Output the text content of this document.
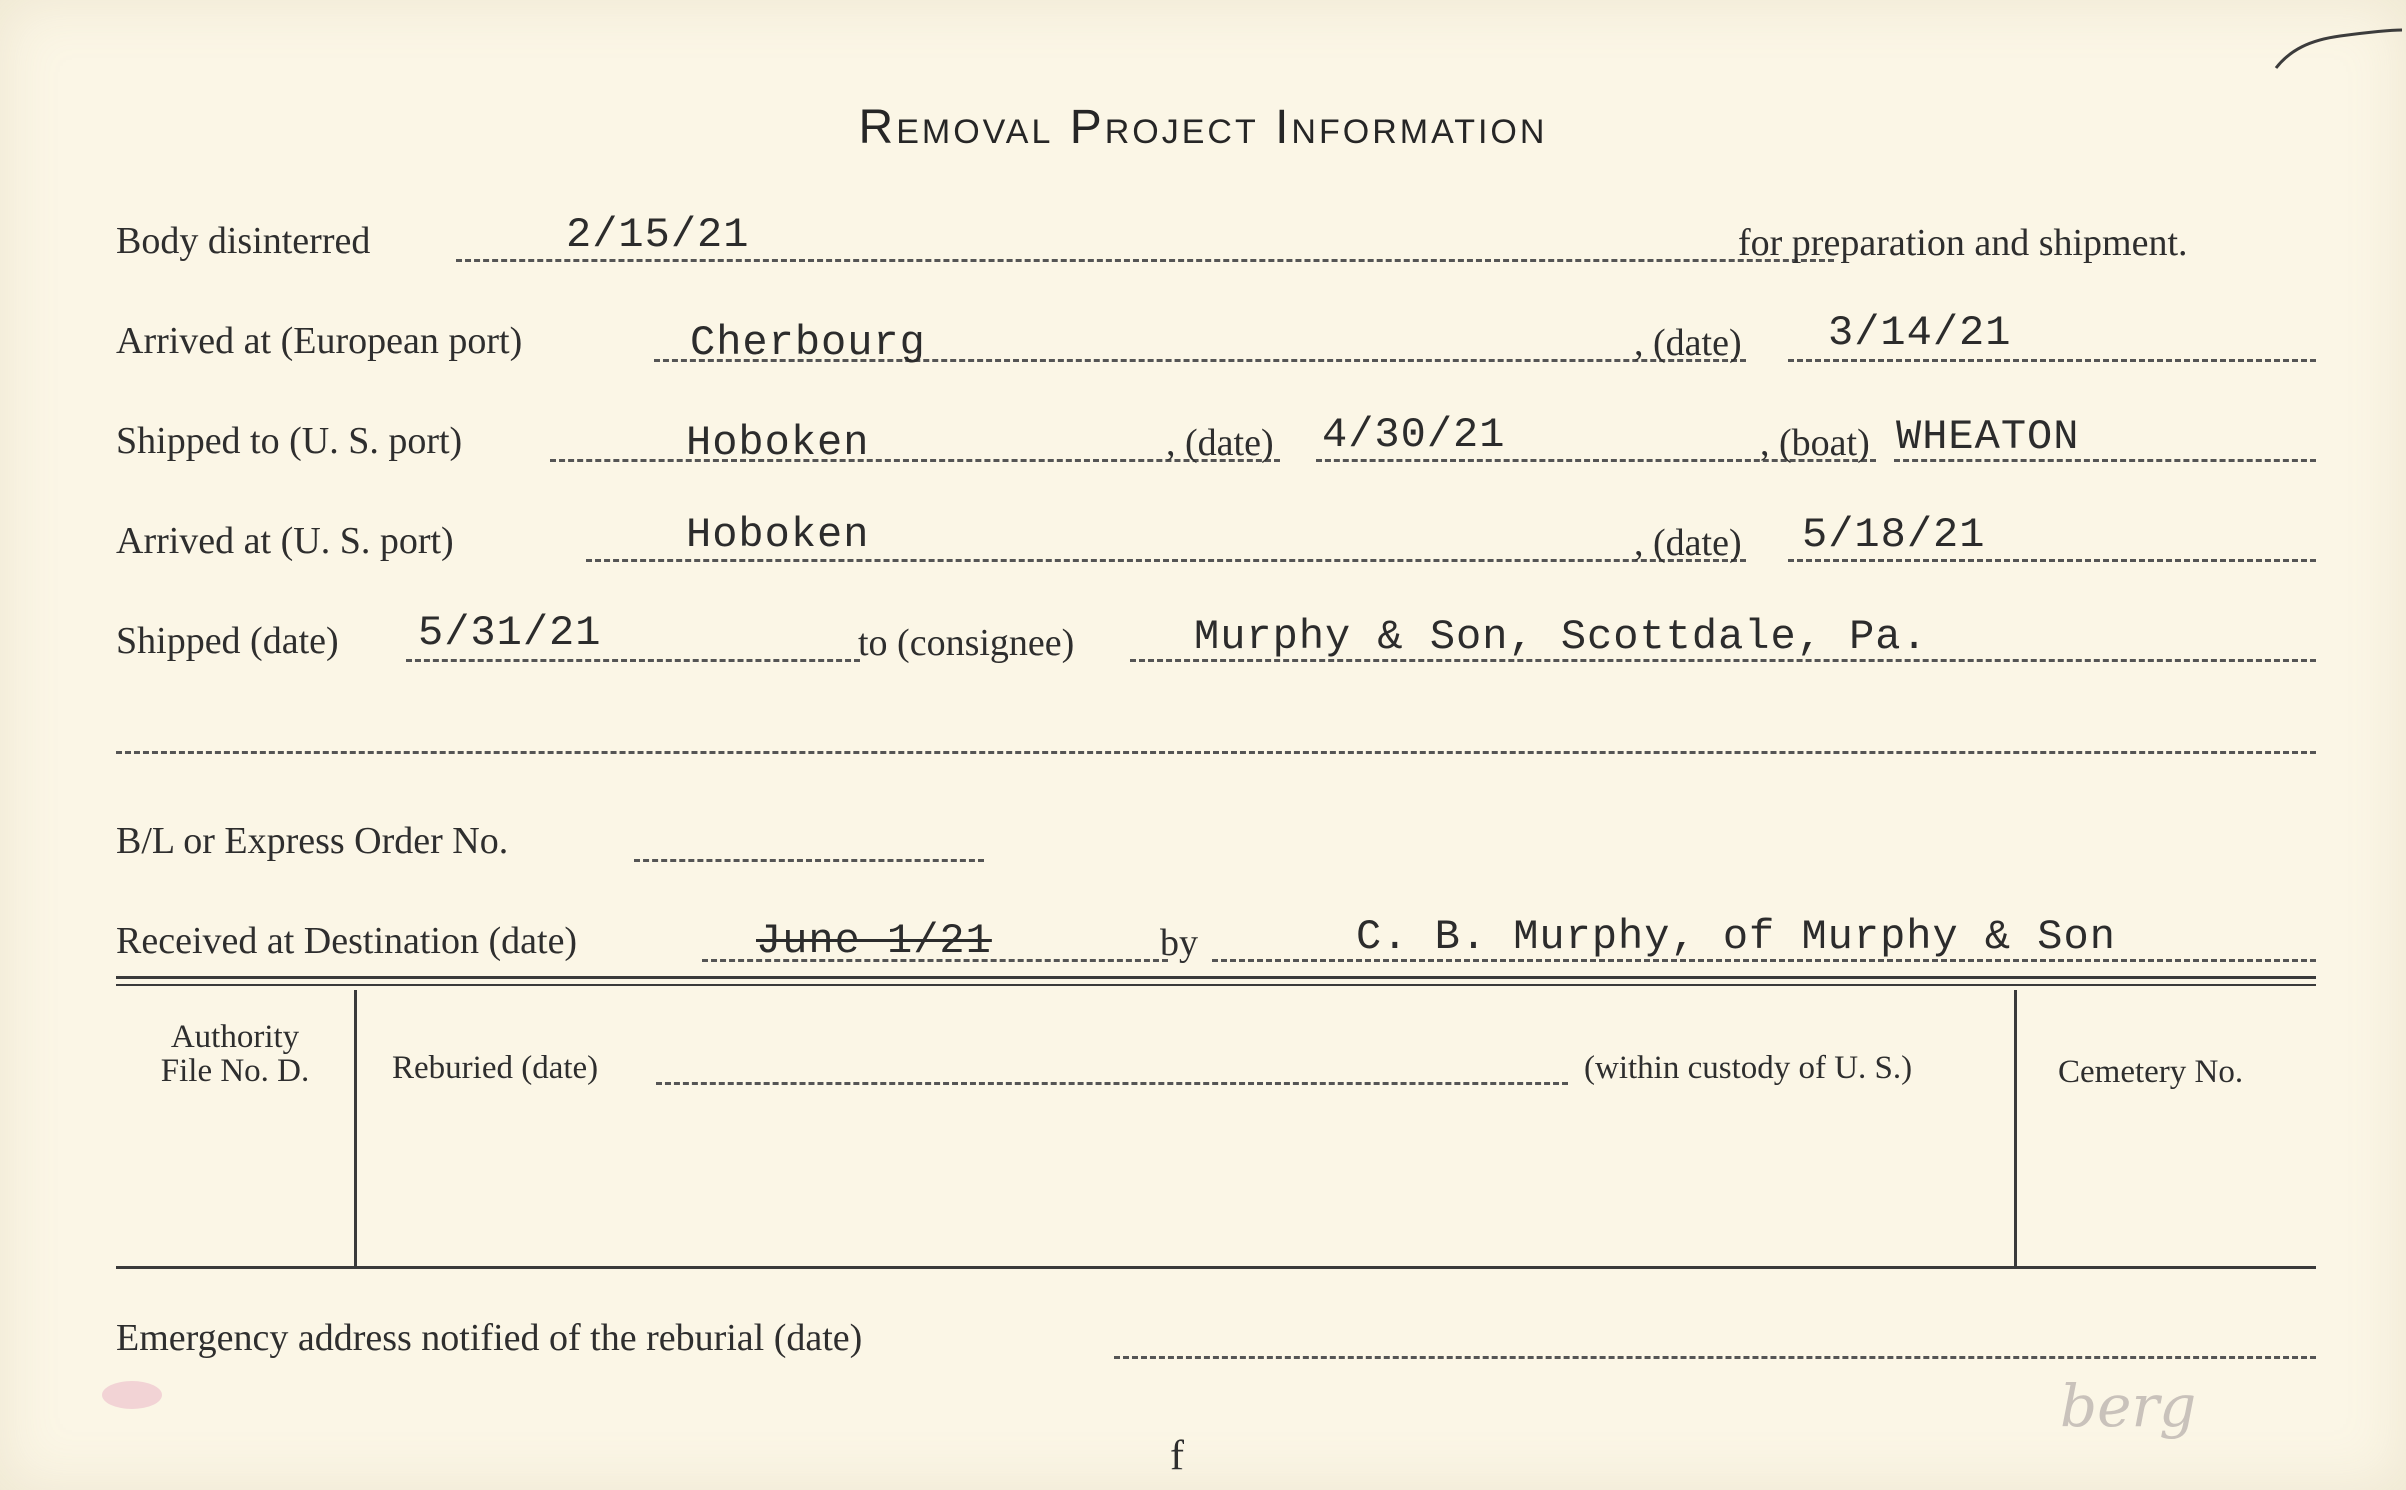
Removal Project Information
Body disinterred	2/15/21	for preparation and shipment.
Arrived at (European port)	Cherbourg	, (date) 3/14/21
Shipped to (U. S. port)	Hoboken	, (date) 4/30/21	, (boat) WHEATON
Arrived at (U. S. port)	Hoboken	, (date) 5/18/21
Shipped (date) 5/31/21	to (consignee)	Murphy & Son, Scottdale, Pa.
B/L or Express Order No.
Received at Destination (date)	June 1/21	by	C. B. Murphy, of Murphy & Son
Authority
File No. D.	Reburied (date)	(within custody of U. S.)	Cemetery No.
Emergency address notified of the reburial (date)
f
berg
